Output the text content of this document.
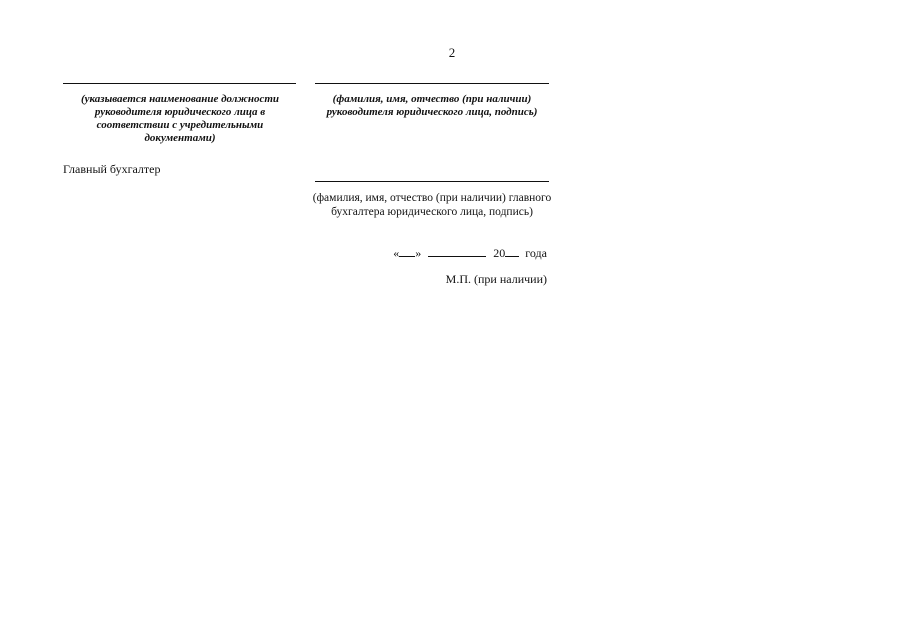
2
(указывается наименование должности руководителя юридического лица в соответствии с учредительными документами)
(фамилия, имя, отчество (при наличии) руководителя юридического лица, подпись)
Главный бухгалтер
(фамилия, имя, отчество (при наличии) главного бухгалтера юридического лица, подпись)
« »	20 года
М.П. (при наличии)
